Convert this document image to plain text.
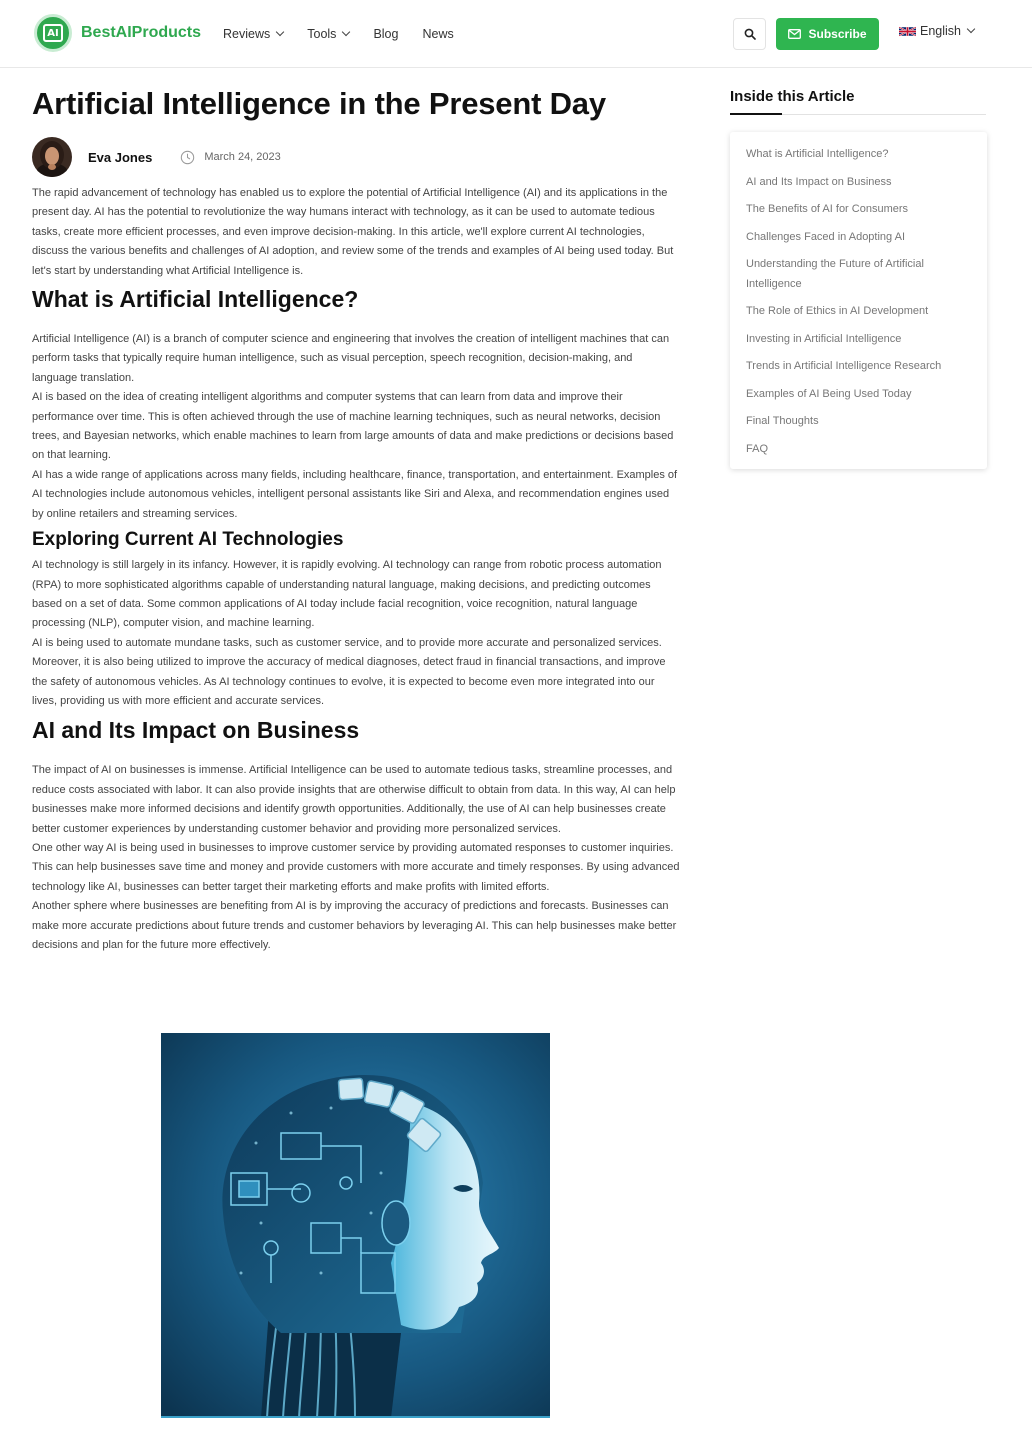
AI BestAIProducts Reviews	Tools	Blog News	Subscribe	English
Artificial Intelligence in the Present Day
Eva Jones	March 24, 2023

The rapid advancement of technology has enabled us to explore the potential of Artificial Intelligence (AI) and its applications in the present day. AI has the potential to revolutionize the way humans interact with technology, as it can be used to automate tedious tasks, create more efficient processes, and even improve decision-making. In this article, we'll explore current AI technologies, discuss the various benefits and challenges of AI adoption, and review some of the trends and examples of AI being used today. But let's start by understanding what Artificial Intelligence is.

What is Artificial Intelligence?

Artificial Intelligence (AI) is a branch of computer science and engineering that involves the creation of intelligent machines that can perform tasks that typically require human intelligence, such as visual perception, speech recognition, decision-making, and language translation.

AI is based on the idea of creating intelligent algorithms and computer systems that can learn from data and improve their performance over time. This is often achieved through the use of machine learning techniques, such as neural networks, decision trees, and Bayesian networks, which enable machines to learn from large amounts of data and make predictions or decisions based on that learning.

AI has a wide range of applications across many fields, including healthcare, finance, transportation, and entertainment. Examples of AI technologies include autonomous vehicles, intelligent personal assistants like Siri and Alexa, and recommendation engines used by online retailers and streaming services.

Exploring Current AI Technologies

AI technology is still largely in its infancy. However, it is rapidly evolving. AI technology can range from robotic process automation (RPA) to more sophisticated algorithms capable of understanding natural language, making decisions, and predicting outcomes based on a set of data. Some common applications of AI today include facial recognition, voice recognition, natural language processing (NLP), computer vision, and machine learning.

AI is being used to automate mundane tasks, such as customer service, and to provide more accurate and personalized services. Moreover, it is also being utilized to improve the accuracy of medical diagnoses, detect fraud in financial transactions, and improve the safety of autonomous vehicles. As AI technology continues to evolve, it is expected to become even more integrated into our lives, providing us with more efficient and accurate services.

AI and Its Impact on Business

The impact of AI on businesses is immense. Artificial Intelligence can be used to automate tedious tasks, streamline processes, and reduce costs associated with labor. It can also provide insights that are otherwise difficult to obtain from data. In this way, AI can help businesses make more informed decisions and identify growth opportunities. Additionally, the use of AI can help businesses create better customer experiences by understanding customer behavior and providing more personalized services.

One other way AI is being used in businesses to improve customer service by providing automated responses to customer inquiries. This can help businesses save time and money and provide customers with more accurate and timely responses. By using advanced technology like AI, businesses can better target their marketing efforts and make profits with limited efforts.

Another sphere where businesses are benefiting from AI is by improving the accuracy of predictions and forecasts. Businesses can make more accurate predictions about future trends and customer behaviors by leveraging AI. This can help businesses make better decisions and plan for the future more effectively.

Inside this Article
What is Artificial Intelligence?
AI and Its Impact on Business
The Benefits of AI for Consumers
Challenges Faced in Adopting AI
Understanding the Future of Artificial Intelligence
The Role of Ethics in AI Development
Investing in Artificial Intelligence
Trends in Artificial Intelligence Research
Examples of AI Being Used Today
Final Thoughts
FAQ
